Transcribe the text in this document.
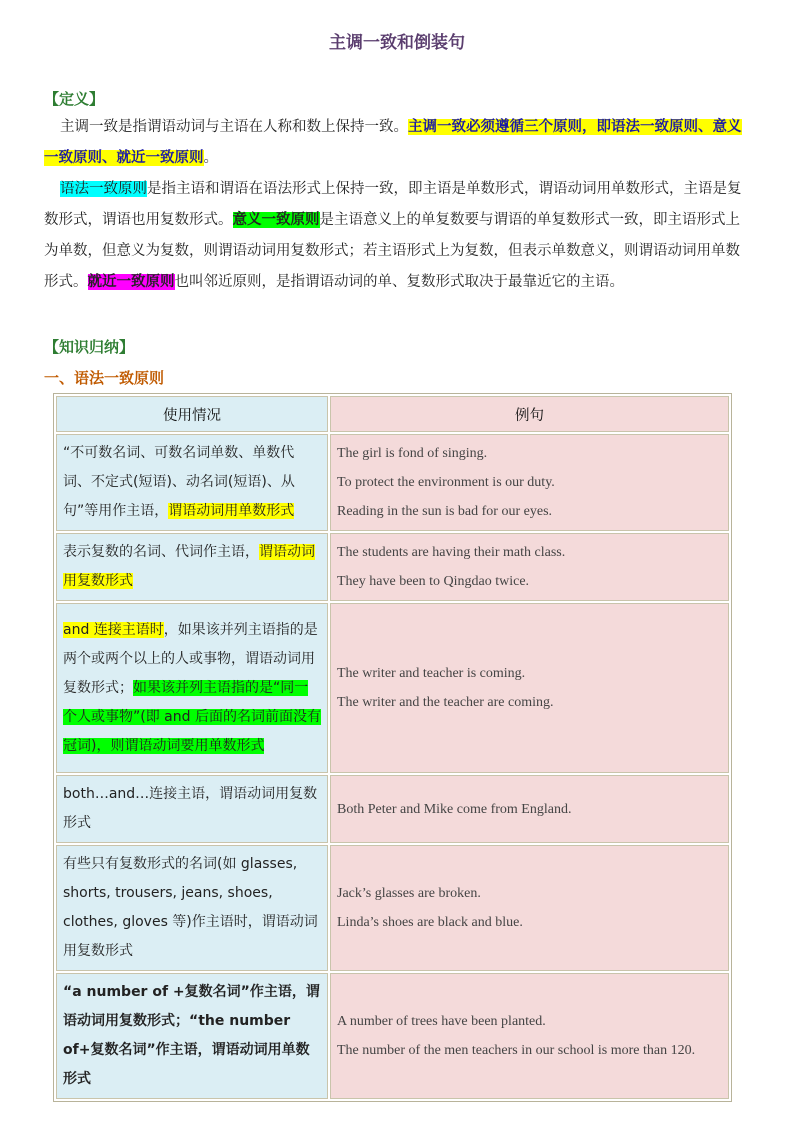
主调一致和倒装句
【定义】
主调一致是指谓语动词与主语在人称和数上保持一致。主调一致必须遵循三个原则，即语法一致原则、意义一致原则、就近一致原则。
语法一致原则是指主语和谓语在语法形式上保持一致，即主语是单数形式，谓语动词用单数形式，主语是复数形式，谓语也用复数形式。意义一致原则是主语意义上的单复数要与谓语的单复数形式一致，即主语形式上为单数，但意义为复数，则谓语动词用复数形式；若主语形式上为复数，但表示单数意义，则谓语动词用单数形式。就近一致原则也叫邻近原则，是指谓语动词的单、复数形式取决于最靠近它的主语。
【知识归纳】
一、语法一致原则
使用情况	例句
“不可数名词、可数名词单数、单数代词、不定式(短语)、动名词(短语)、从句”等用作主语，谓语动词用单数形式	The girl is fond of singing.
To protect the environment is our duty.
Reading in the sun is bad for our eyes.

表示复数的名词、代词作主语，谓语动词用复数形式	The students are having their math class.
They have been to Qingdao twice.

and 连接主语时，如果该并列主语指的是两个或两个以上的人或事物，谓语动词用复数形式；如果该并列主语指的是“同一个人或事物”(即 and 后面的名词前面没有冠词)，则谓语动词要用单数形式	The writer and teacher is coming.
The writer and the teacher are coming.

both…and…连接主语，谓语动词用复数形式	Both Peter and Mike come from England.

有些只有复数形式的名词(如 glasses, shorts, trousers, jeans, shoes, clothes, gloves 等)作主语时，谓语动词用复数形式	Jack’s glasses are broken.
Linda’s shoes are black and blue.

“a number of +复数名词”作主语，谓语动词用复数形式；“the number of+复数名词”作主语，谓语动词用单数形式	A number of trees have been planted.
The number of the men teachers in our school is more than 120.
